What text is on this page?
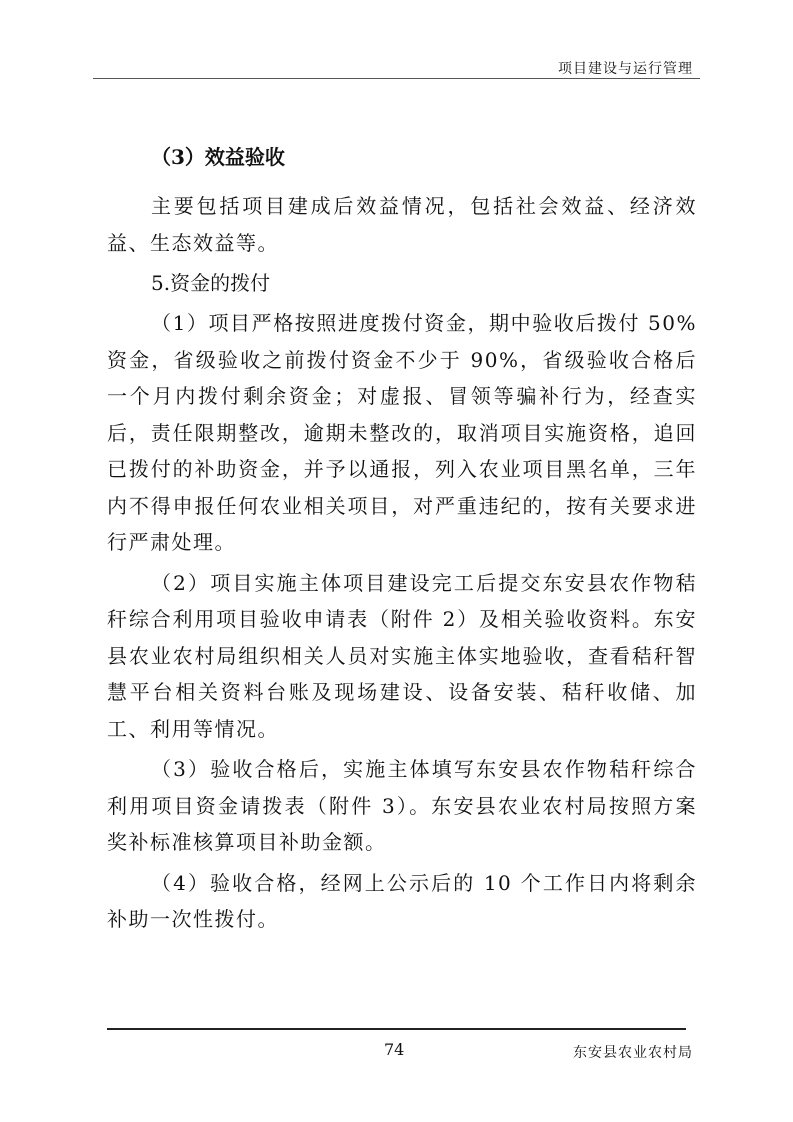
项目建设与运行管理

（3）效益验收

主要包括项目建成后效益情况，包括社会效益、经济效益、生态效益等。

5.资金的拨付

（1）项目严格按照进度拨付资金，期中验收后拨付 50%资金，省级验收之前拨付资金不少于 90%，省级验收合格后一个月内拨付剩余资金；对虚报、冒领等骗补行为，经查实后，责任限期整改，逾期未整改的，取消项目实施资格，追回已拨付的补助资金，并予以通报，列入农业项目黑名单，三年内不得申报任何农业相关项目，对严重违纪的，按有关要求进行严肃处理。

（2）项目实施主体项目建设完工后提交东安县农作物秸秆综合利用项目验收申请表（附件 2）及相关验收资料。东安县农业农村局组织相关人员对实施主体实地验收，查看秸秆智慧平台相关资料台账及现场建设、设备安装、秸秆收储、加工、利用等情况。

（3）验收合格后，实施主体填写东安县农作物秸秆综合利用项目资金请拨表（附件 3）。东安县农业农村局按照方案奖补标准核算项目补助金额。

（4）验收合格，经网上公示后的 10 个工作日内将剩余补助一次性拨付。

74	东安县农业农村局
